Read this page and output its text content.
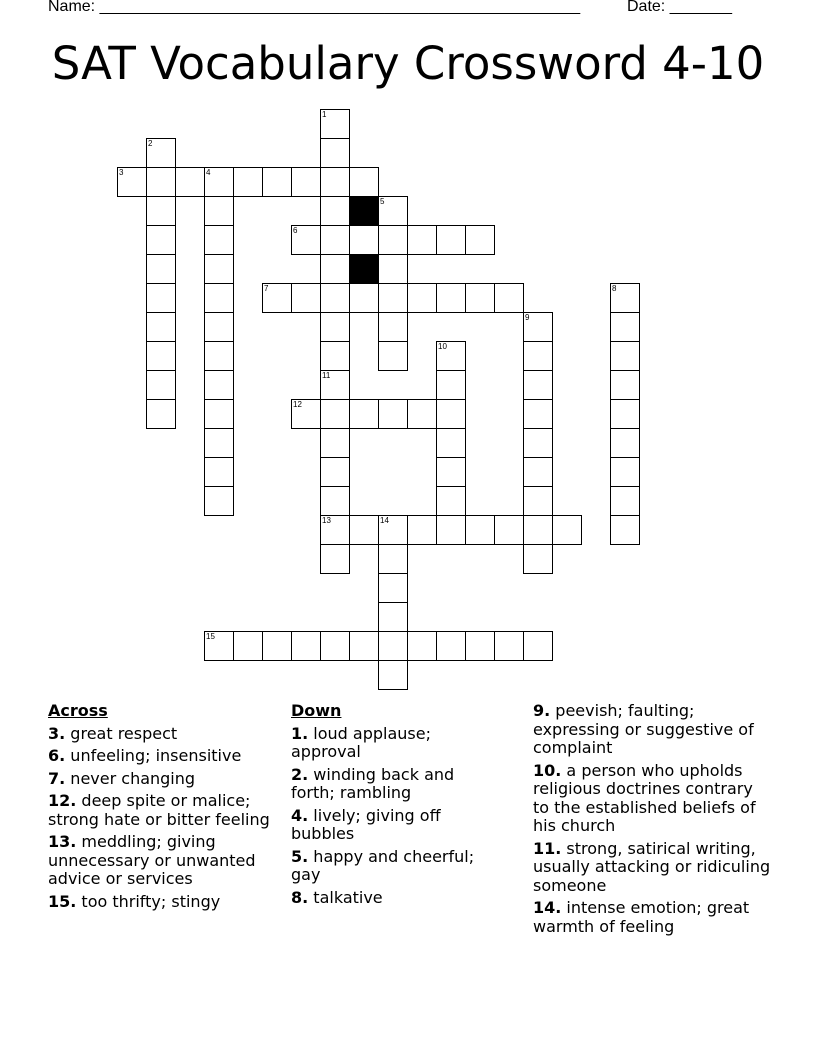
Name: ______________________________________________________	Date: _______
SAT Vocabulary Crossword 4-10
1
2
3	4
5
6
7	8
9
10
11
13
12
14
15
Across
3. great respect
6. unfeeling; insensitive
7. never changing
12. deep spite or malice; strong hate or bitter feeling
13. meddling; giving unnecessary or unwanted advice or services
15. too thrifty; stingy
Down
1. loud applause; approval
2. winding back and forth; rambling
4. lively; giving off bubbles
5. happy and cheerful; gay
8. talkative
9. peevish; faulting; expressing or suggestive of complaint
10. a person who upholds religious doctrines contrary to the established beliefs of his church
11. strong, satirical writing, usually attacking or ridiculing someone
14. intense emotion; great warmth of feeling
